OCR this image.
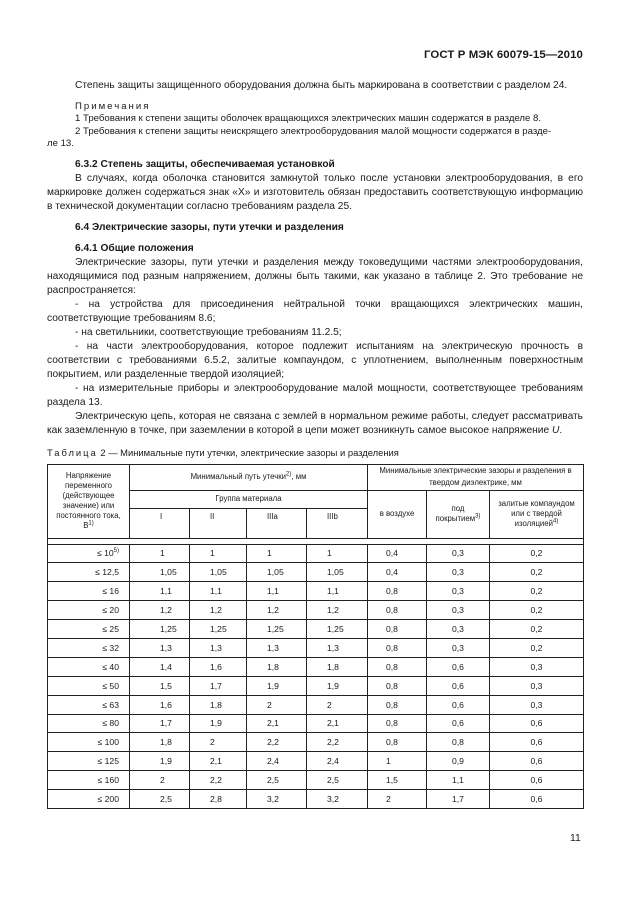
ГОСТ Р МЭК 60079-15—2010

Степень защиты защищенного оборудования должна быть маркирована в соответствии с разделом 24.

Примечания

1 Требования к степени защиты оболочек вращающихся электрических машин содержатся в разделе 8.

2 Требования к степени защиты неискрящего электрооборудования малой мощности содержатся в разде-

ле 13.

6.3.2 Степень защиты, обеспечиваемая установкой

В случаях, когда оболочка становится замкнутой только после установки электрооборудования, в его маркировке должен содержаться знак «X» и изготовитель обязан предоставить соответствующую информацию в технической документации согласно требованиям раздела 25.

6.4 Электрические зазоры, пути утечки и разделения

6.4.1 Общие положения

Электрические зазоры, пути утечки и разделения между токоведущими частями электрооборудования, находящимися под разным напряжением, должны быть такими, как указано в таблице 2. Это требование не распространяется:

- на устройства для присоединения нейтральной точки вращающихся электрических машин, соответствующие требованиям 8.6;

- на светильники, соответствующие требованиям 11.2.5;

- на части электрооборудования, которое подлежит испытаниям на электрическую прочность в соответствии с требованиями 6.5.2, залитые компаундом, с уплотнением, выполненным поверхностным покрытием, или разделенные твердой изоляцией;

- на измерительные приборы и электрооборудование малой мощности, соответствующее требованиям раздела 13.

Электрическую цепь, которая не связана с землей в нормальном режиме работы, следует рассматривать как заземленную в точке, при заземлении в которой в цепи может возникнуть самое высокое напряжение U.

Таблица 2 — Минимальные пути утечки, электрические зазоры и разделения

Напряжение переменного (действующее значение) или постоянного тока, $В^{1)}$	Минимальный путь утечки$^{2)}$, мм				Минимальные электрические зазоры и разделения в твердом диэлектрике, мм		
	Группа материала				в воздухе	под покрытием$^{3)}$	залитые компаундом или с твердой изоляцией$^{4)}$
	I	II	IIIa	IIIb			

≤ $10^{5)}$	1	1	1	1	0,4	0,3	0,2
≤ 12,5	1,05	1,05	1,05	1,05	0,4	0,3	0,2
≤ 16	1,1	1,1	1,1	1,1	0,8	0,3	0,2
≤ 20	1,2	1,2	1,2	1,2	0,8	0,3	0,2
≤ 25	1,25	1,25	1,25	1,25	0,8	0,3	0,2
≤ 32	1,3	1,3	1,3	1,3	0,8	0,3	0,2
≤ 40	1,4	1,6	1,8	1,8	0,8	0,6	0,3
≤ 50	1,5	1,7	1,9	1,9	0,8	0,6	0,3
≤ 63	1,6	1,8	2	2	0,8	0,6	0,3
≤ 80	1,7	1,9	2,1	2,1	0,8	0,6	0,6
≤ 100	1,8	2	2,2	2,2	0,8	0,8	0,6
≤ 125	1,9	2,1	2,4	2,4	1	0,9	0,6
≤ 160	2	2,2	2,5	2,5	1,5	1,1	0,6
≤ 200	2,5	2,8	3,2	3,2	2	1,7	0,6
11
